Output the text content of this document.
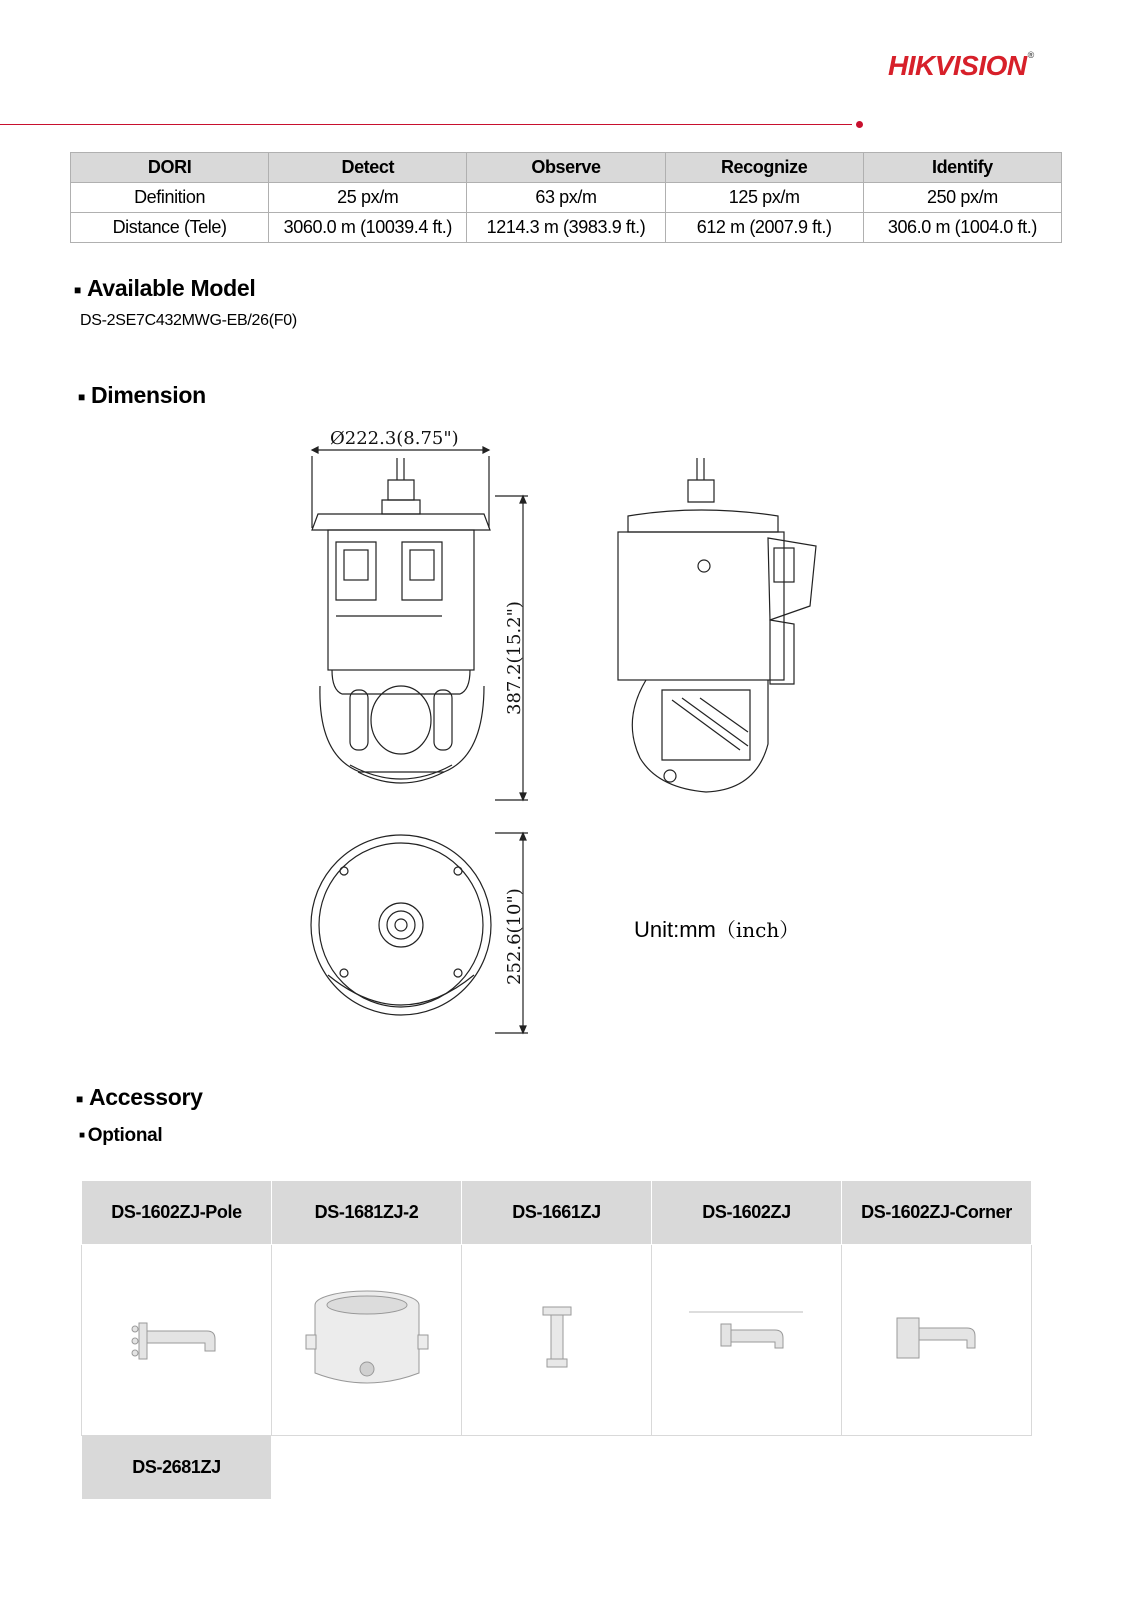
HIKVISION®
DORI	Detect	Observe	Recognize	Identify
Definition	25 px/m	63 px/m	125 px/m	250 px/m
Distance (Tele)	3060.0 m (10039.4 ft.)	1214.3 m (3983.9 ft.)	612 m (2007.9 ft.)	306.0 m (1004.0 ft.)
■ Available Model
DS-2SE7C432MWG-EB/26(F0)
■ Dimension
Ø222.3(8.75")
387.2(15.2")
252.6(10")	Unit:mm（inch）
■ Accessory
■ Optional
DS-1602ZJ-Pole	DS-1681ZJ-2	DS-1661ZJ	DS-1602ZJ	DS-1602ZJ-Corner

DS-2681ZJ				
